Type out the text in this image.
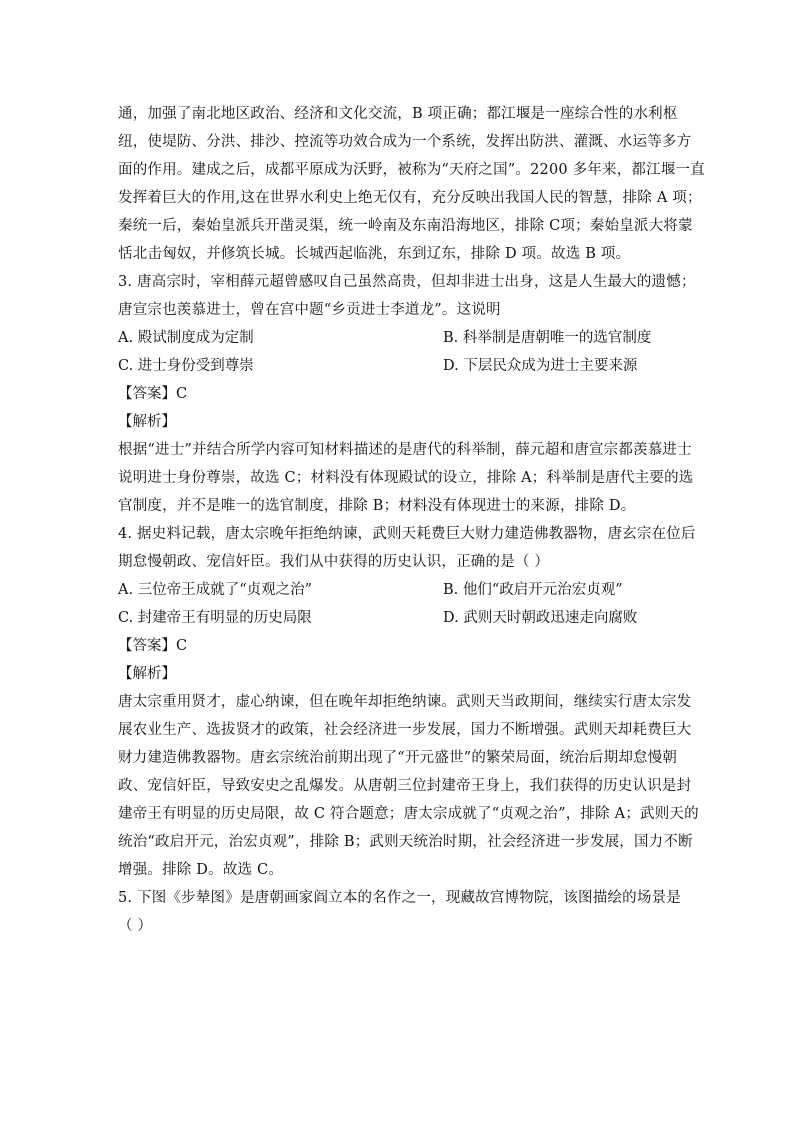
通，加强了南北地区政治、经济和文化交流，B 项正确；都江堰是一座综合性的水利枢
纽，使堤防、分洪、排沙、控流等功效合成为一个系统，发挥出防洪、灌溉、水运等多方
面的作用。建成之后，成都平原成为沃野，被称为“天府之国”。2200 多年来，都江堰一直
发挥着巨大的作用,这在世界水利史上绝无仅有，充分反映出我国人民的智慧，排除 A 项；
秦统一后，秦始皇派兵开凿灵渠，统一岭南及东南沿海地区，排除 C项；秦始皇派大将蒙
恬北击匈奴，并修筑长城。长城西起临洮，东到辽东，排除 D 项。故选 B 项。
3. 唐高宗时，宰相薛元超曾感叹自己虽然高贵，但却非进士出身，这是人生最大的遗憾；
唐宣宗也羡慕进士，曾在宫中题“乡贡进士李道龙”。这说明
A. 殿试制度成为定制	B. 科举制是唐朝唯一的选官制度
C. 进士身份受到尊崇	D. 下层民众成为进士主要来源
【答案】C
【解析】
根据“进士”并结合所学内容可知材料描述的是唐代的科举制，薛元超和唐宣宗都羡慕进士
说明进士身份尊崇，故选 C；材料没有体现殿试的设立，排除 A；科举制是唐代主要的选
官制度，并不是唯一的选官制度，排除 B；材料没有体现进士的来源，排除 D。
4. 据史料记载，唐太宗晚年拒绝纳谏，武则天耗费巨大财力建造佛教器物，唐玄宗在位后
期怠慢朝政、宠信奸臣。我们从中获得的历史认识，正确的是（ ）
A. 三位帝王成就了“贞观之治”	B. 他们“政启开元治宏贞观”
C. 封建帝王有明显的历史局限	D. 武则天时朝政迅速走向腐败
【答案】C
【解析】
唐太宗重用贤才，虚心纳谏，但在晚年却拒绝纳谏。武则天当政期间，继续实行唐太宗发
展农业生产、选拔贤才的政策，社会经济进一步发展，国力不断增强。武则天却耗费巨大
财力建造佛教器物。唐玄宗统治前期出现了“开元盛世”的繁荣局面，统治后期却怠慢朝
政、宠信奸臣，导致安史之乱爆发。从唐朝三位封建帝王身上，我们获得的历史认识是封
建帝王有明显的历史局限，故 C 符合题意；唐太宗成就了“贞观之治”，排除 A；武则天的
统治“政启开元，治宏贞观”，排除 B；武则天统治时期，社会经济进一步发展，国力不断
增强。排除 D。故选 C。
5. 下图《步辇图》是唐朝画家阎立本的名作之一，现藏故宫博物院，该图描绘的场景是
（ ）
